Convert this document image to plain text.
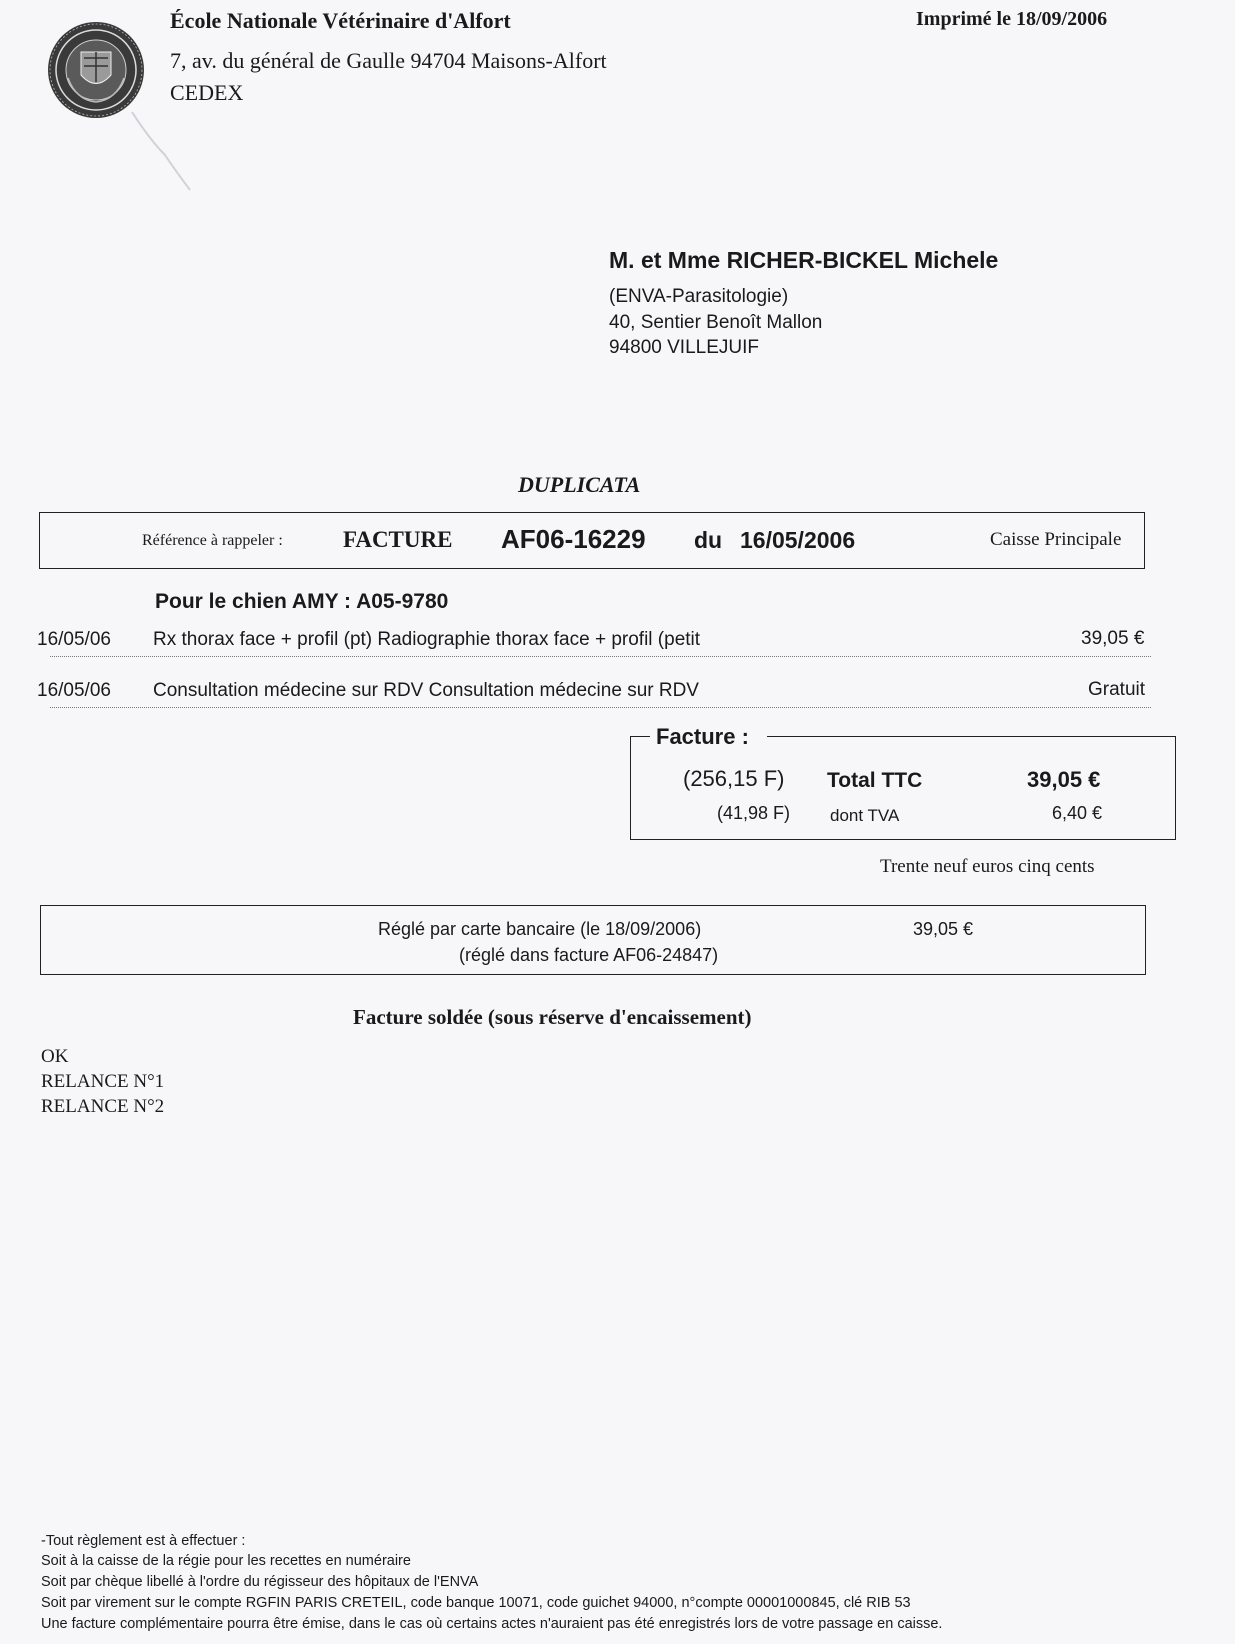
École Nationale Vétérinaire d'Alfort
7, av. du général de Gaulle 94704 Maisons-Alfort
CEDEX
Imprimé le 18/09/2006
M. et Mme RICHER-BICKEL Michele
(ENVA-Parasitologie)
40, Sentier Benoît Mallon
94800 VILLEJUIF
DUPLICATA
Référence à rappeler :	FACTURE AF06-16229 du 16/05/2006	Caisse Principale
Pour le chien AMY : A05-9780
16/05/06 Rx thorax face + profil (pt) Radiographie thorax face + profil (petit	39,05 €
16/05/06 Consultation médecine sur RDV Consultation médecine sur RDV	Gratuit
Facture :
(256,15 F) Total TTC	39,05 €
(41,98 F) dont TVA	6,40 €
Trente neuf euros cinq cents
Réglé par carte bancaire (le 18/09/2006)
(réglé dans facture AF06-24847)
39,05 €
Facture soldée (sous réserve d'encaissement)
OK
RELANCE N°1
RELANCE N°2
-Tout règlement est à effectuer :
Soit à la caisse de la régie pour les recettes en numéraire
Soit par chèque libellé à l'ordre du régisseur des hôpitaux de l'ENVA
Soit par virement sur le compte RGFIN PARIS CRETEIL, code banque 10071, code guichet 94000, n°compte 00001000845, clé RIB 53
Une facture complémentaire pourra être émise, dans le cas où certains actes n'auraient pas été enregistrés lors de votre passage en caisse.
